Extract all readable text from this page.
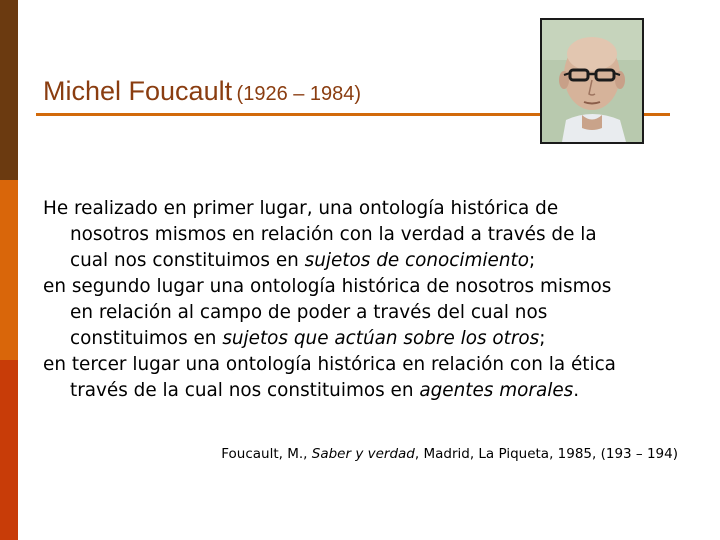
Michel Foucault (1926 – 1984)

He realizado en primer lugar, una ontología histórica de
nosotros mismos en relación con la verdad a través de la
cual nos constituimos en sujetos de conocimiento;

en segundo lugar una ontología histórica de nosotros mismos
en relación al campo de poder a través del cual nos
constituimos en sujetos que actúan sobre los otros;

en tercer lugar una ontología histórica en relación con la ética
través de la cual nos constituimos en agentes morales.

Foucault, M., Saber y verdad, Madrid, La Piqueta, 1985, (193 – 194)
